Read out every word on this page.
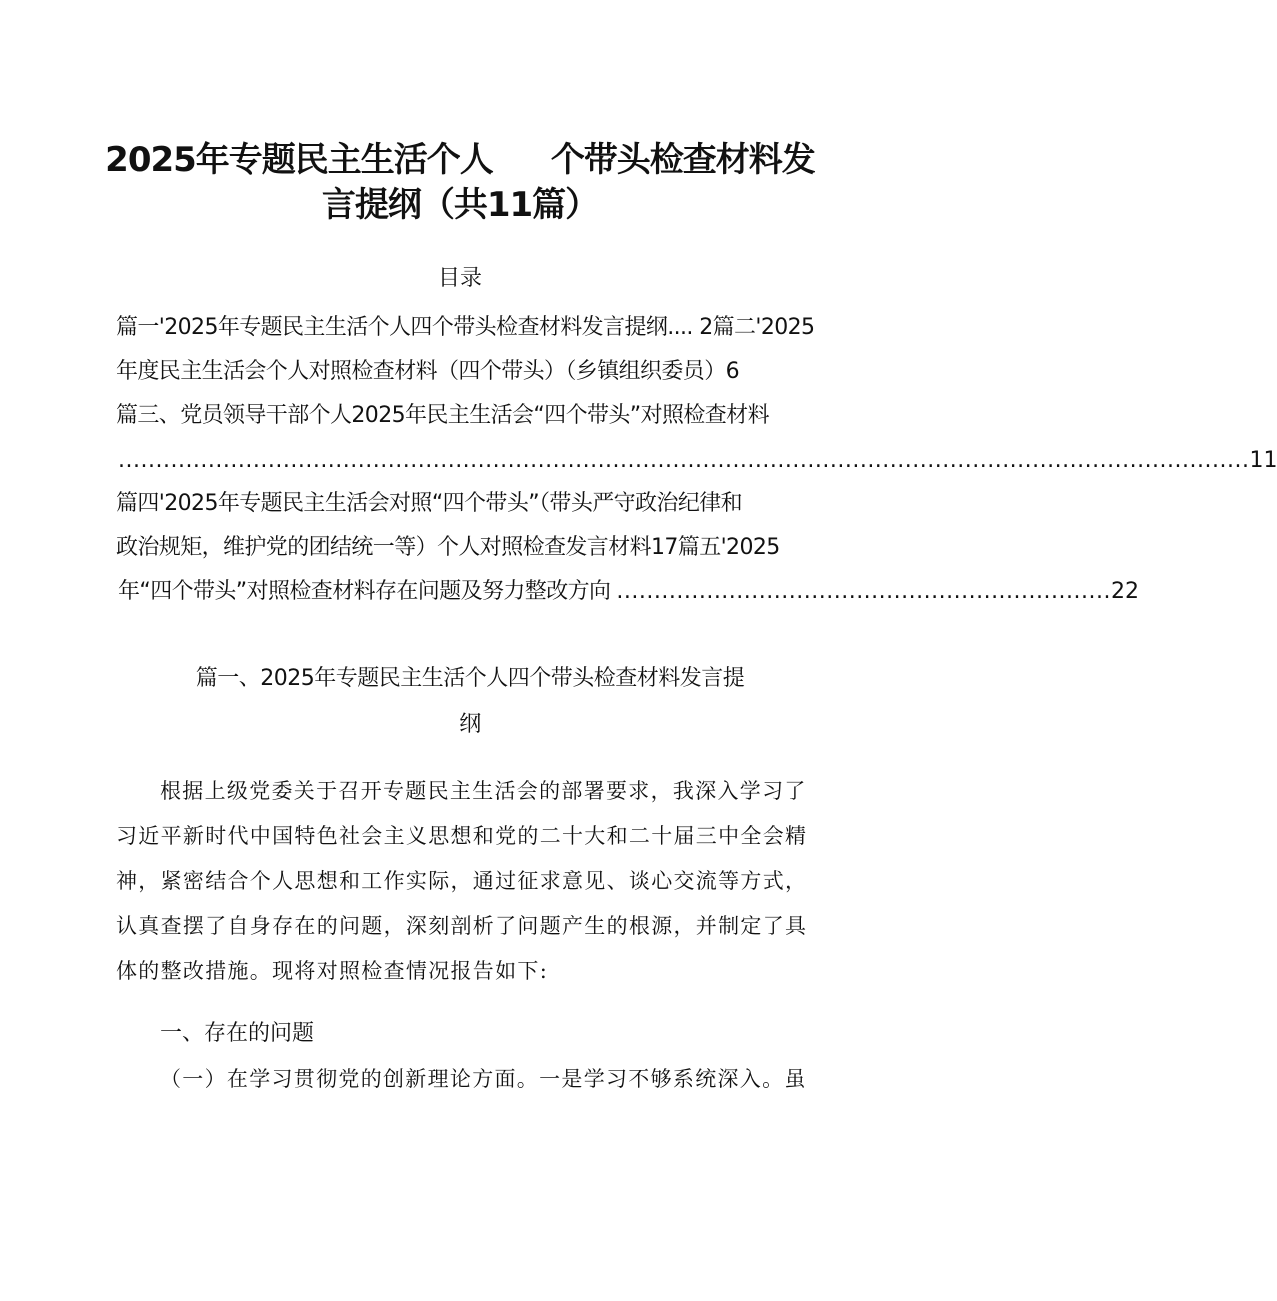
2025年专题民主生活个人 个带头检查材料发
言提纲（共11篇）
目录
篇一'2025年专题民主生活个人四个带头检查材料发言提纲.... 2篇二'2025
年度民主生活会个人对照检查材料（四个带头）（乡镇组织委员）6
篇三、党员领导干部个人2025年民主生活会“四个带头”对照检查材料
....................................................................................................................................................... 11
篇四'2025年专题民主生活会对照“四个带头”（带头严守政治纪律和
政治规矩，维护党的团结统一等）个人对照检查发言材料17篇五'2025
年“四个带头”对照检查材料存在问题及努力整改方向 .................................................................. 22
篇一、2025年专题民主生活个人四个带头检查材料发言提
纲
根据上级党委关于召开专题民主生活会的部署要求，我深入学习了
习近平新时代中国特色社会主义思想和党的二十大和二十届三中全会精
神，紧密结合个人思想和工作实际，通过征求意见、谈心交流等方式，
认真查摆了自身存在的问题，深刻剖析了问题产生的根源，并制定了具
体的整改措施。现将对照检查情况报告如下:
一、存在的问题
（一）在学习贯彻党的创新理论方面。一是学习不够系统深入。虽
